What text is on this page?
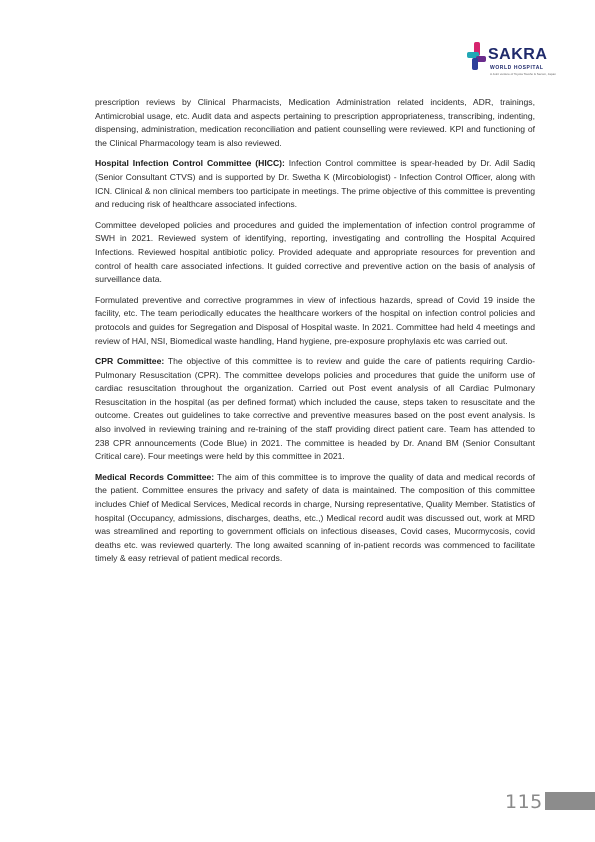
SAKRA
WORLD HOSPITAL
A Joint venture of Toyota Tsusho & Secom, Japan

prescription reviews by Clinical Pharmacists, Medication Administration related incidents, ADR, trainings, Antimicrobial usage, etc. Audit data and aspects pertaining to prescription appropriateness, transcribing, indenting, dispensing, administration, medication reconciliation and patient counselling were reviewed. KPI and functioning of the Clinical Pharmacology team is also reviewed.

Hospital Infection Control Committee (HICC): Infection Control committee is spear-headed by Dr. Adil Sadiq (Senior Consultant CTVS) and is supported by Dr. Swetha K (Mircobiologist) - Infection Control Officer, along with ICN. Clinical & non clinical members too participate in meetings. The prime objective of this committee is preventing and reducing risk of healthcare associated infections.

Committee developed policies and procedures and guided the implementation of infection control programme of SWH in 2021. Reviewed system of identifying, reporting, investigating and controlling the Hospital Acquired Infections. Reviewed hospital antibiotic policy. Provided adequate and appropriate resources for prevention and control of health care associated infections. It guided corrective and preventive action on the basis of analysis of surveillance data.

Formulated preventive and corrective programmes in view of infectious hazards, spread of Covid 19 inside the facility, etc. The team periodically educates the healthcare workers of the hospital on infection control policies and protocols and guides for Segregation and Disposal of Hospital waste. In 2021. Committee had held 4 meetings and review of HAI, NSI, Biomedical waste handling, Hand hygiene, pre-exposure prophylaxis etc was carried out.

CPR Committee: The objective of this committee is to review and guide the care of patients requiring Cardio-Pulmonary Resuscitation (CPR). The committee develops policies and procedures that guide the uniform use of cardiac resuscitation throughout the organization. Carried out Post event analysis of all Cardiac Pulmonary Resuscitation in the hospital (as per defined format) which included the cause, steps taken to resuscitate and the outcome. Creates out guidelines to take corrective and preventive measures based on the post event analysis. Is also involved in reviewing training and re-training of the staff providing direct patient care. Team has attended to 238 CPR announcements (Code Blue) in 2021. The committee is headed by Dr. Anand BM (Senior Consultant Critical care). Four meetings were held by this committee in 2021.

Medical Records Committee: The aim of this committee is to improve the quality of data and medical records of the patient. Committee ensures the privacy and safety of data is maintained. The composition of this committee includes Chief of Medical Services, Medical records in charge, Nursing representative, Quality Member. Statistics of hospital (Occupancy, admissions, discharges, deaths, etc.,) Medical record audit was discussed out, work at MRD was streamlined and reporting to government officials on infectious diseases, Covid cases, Mucormycosis, covid deaths etc. was reviewed quarterly. The long awaited scanning of in-patient records was commenced to facilitate timely & easy retrieval of patient medical records.

115
